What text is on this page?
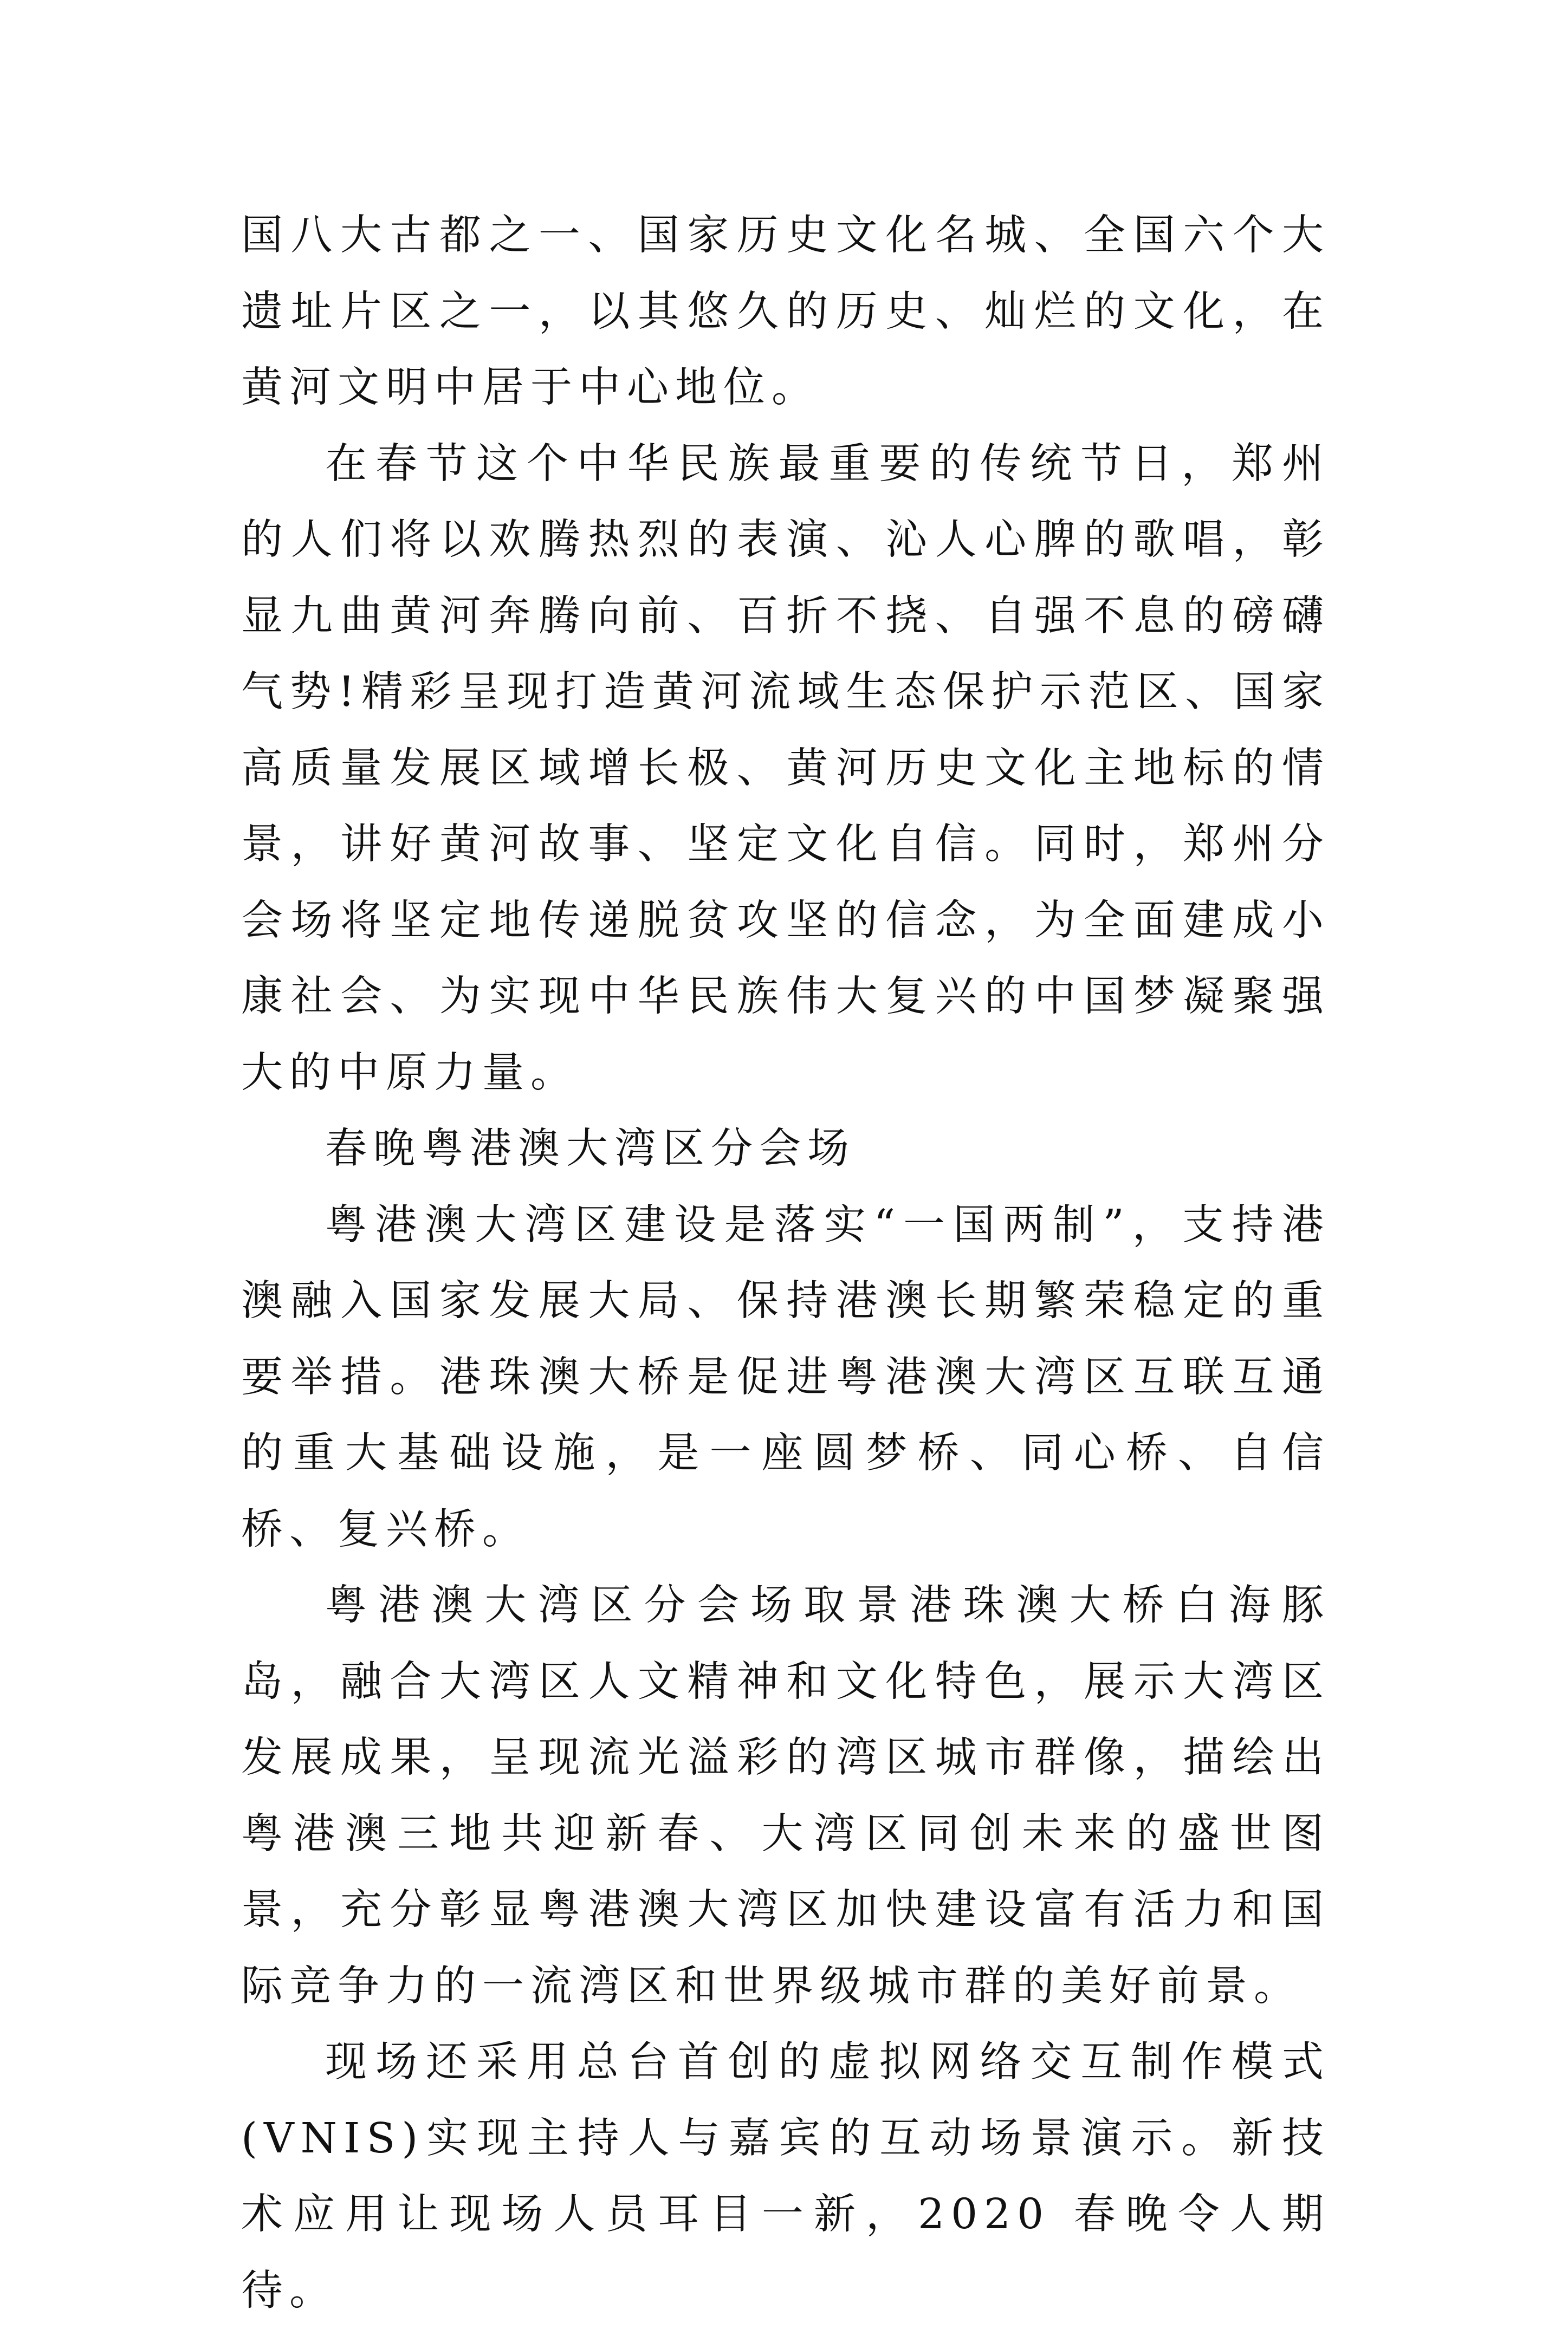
国八大古都之一、国家历史文化名城、全国六个大遗址片区之一，以其悠久的历史、灿烂的文化，在黄河文明中居于中心地位。

在春节这个中华民族最重要的传统节日，郑州的人们将以欢腾热烈的表演、沁人心脾的歌唱，彰显九曲黄河奔腾向前、百折不挠、自强不息的磅礴气势!精彩呈现打造黄河流域生态保护示范区、国家高质量发展区域增长极、黄河历史文化主地标的情景，讲好黄河故事、坚定文化自信。同时，郑州分会场将坚定地传递脱贫攻坚的信念，为全面建成小康社会、为实现中华民族伟大复兴的中国梦凝聚强大的中原力量。

春晚粤港澳大湾区分会场

粤港澳大湾区建设是落实“一国两制”，支持港澳融入国家发展大局、保持港澳长期繁荣稳定的重要举措。港珠澳大桥是促进粤港澳大湾区互联互通的重大基础设施，是一座圆梦桥、同心桥、自信桥、复兴桥。

粤港澳大湾区分会场取景港珠澳大桥白海豚岛，融合大湾区人文精神和文化特色，展示大湾区发展成果，呈现流光溢彩的湾区城市群像，描绘出粤港澳三地共迎新春、大湾区同创未来的盛世图景，充分彰显粤港澳大湾区加快建设富有活力和国际竞争力的一流湾区和世界级城市群的美好前景。

现场还采用总台首创的虚拟网络交互制作模式(VNIS)实现主持人与嘉宾的互动场景演示。新技术应用让现场人员耳目一新，2020 春晚令人期待。
